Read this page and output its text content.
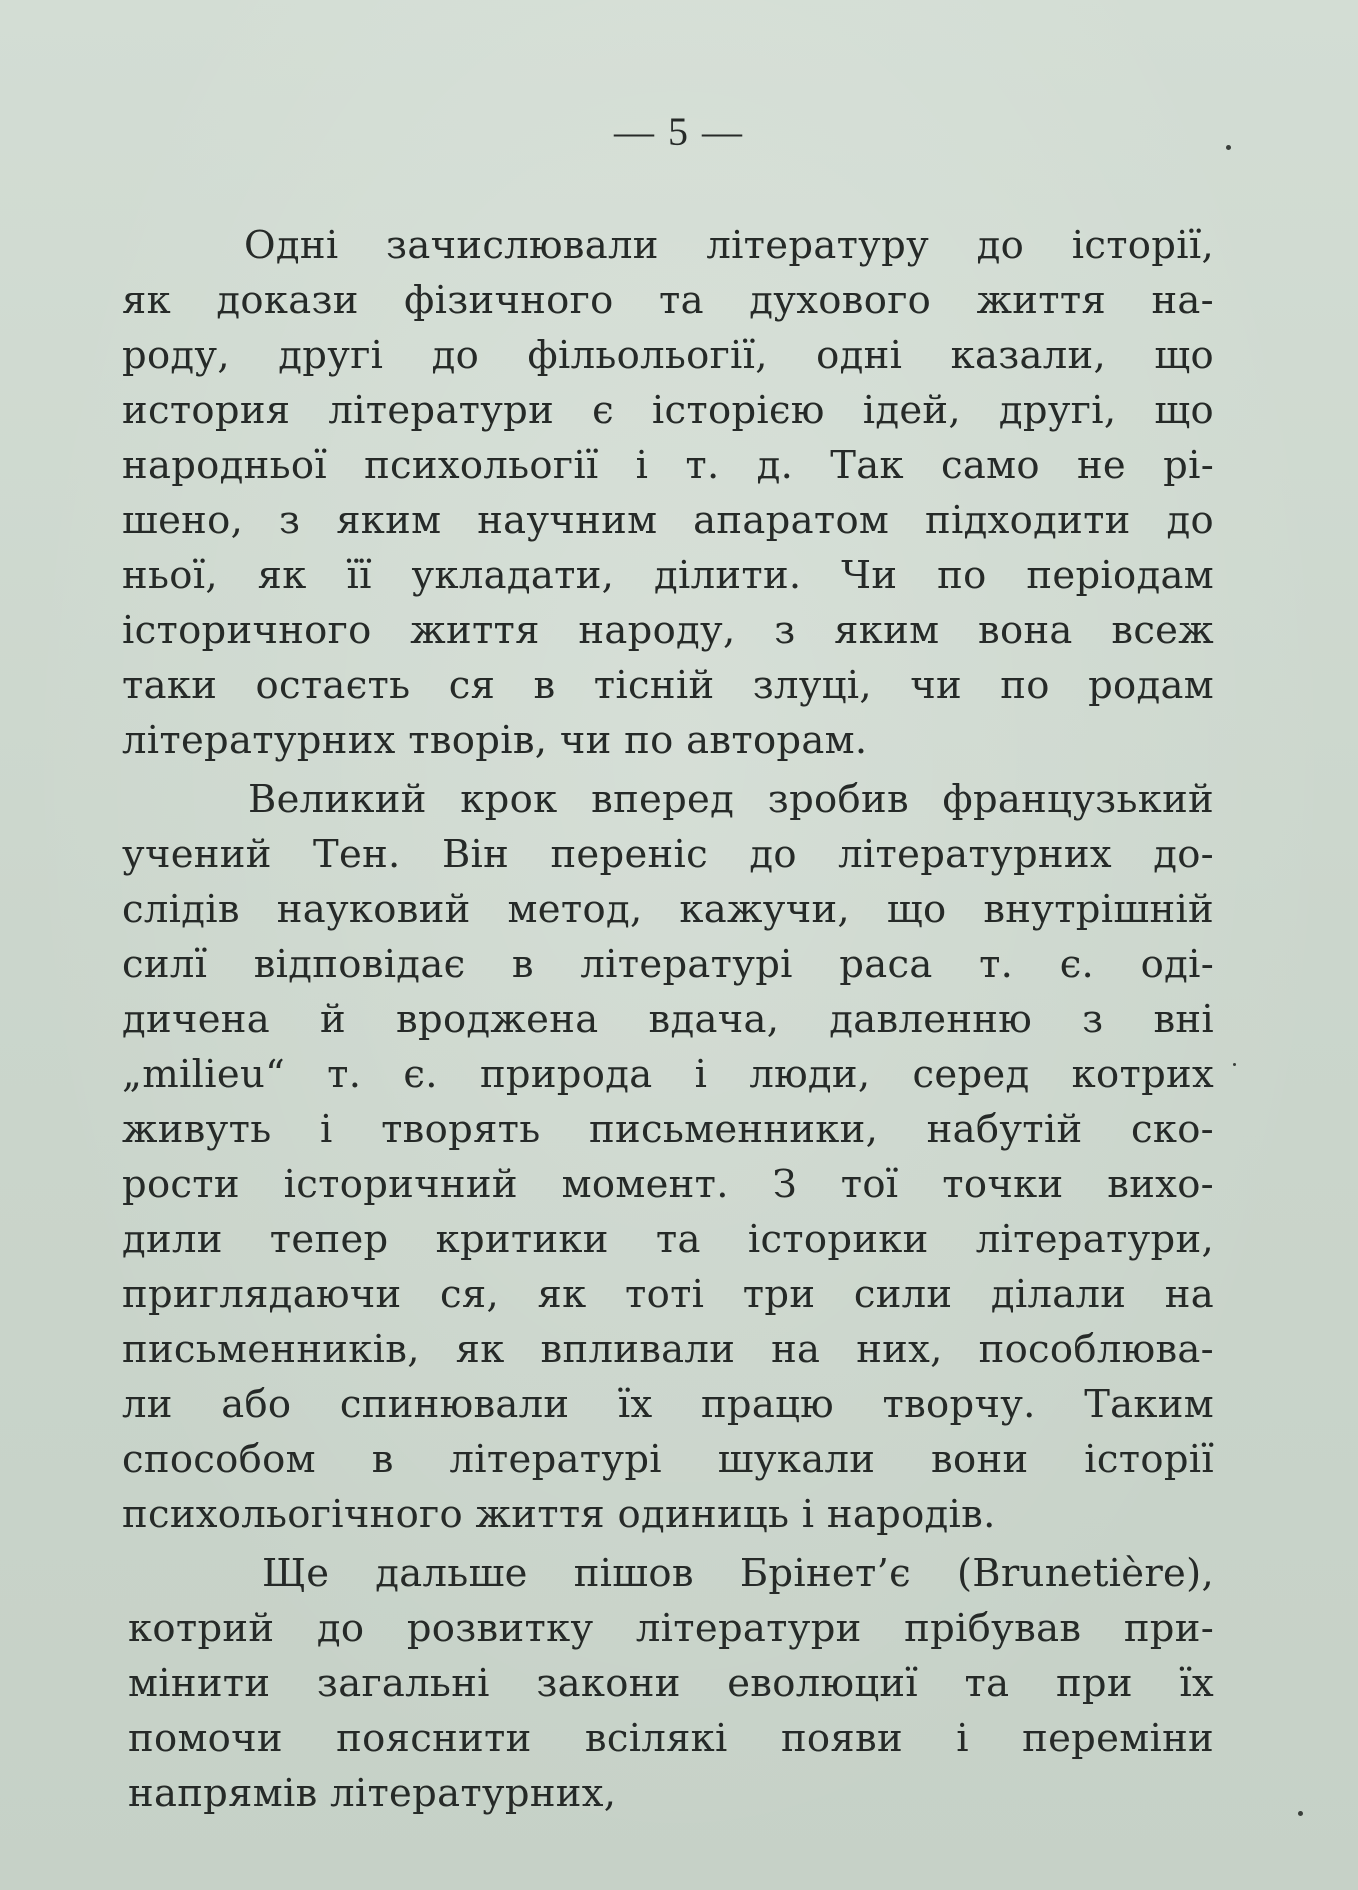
— 5 —

Одні зачислювали літературу до історії,
як докази фізичного та духового життя на-
роду, другі до фільольогії, одні казали, що
история літератури є історією ідей, другі, що
народньої психольогії і т. д. Так само не рі-
шено, з яким научним апаратом підходити до
ньої, як її укладати, ділити. Чи по періодам
історичного життя народу, з яким вона всеж
таки остаєть ся в тісній злуці, чи по родам
літературних творів, чи по авторам.

Великий крок вперед зробив французький
учений Тен. Він переніс до літературних до-
слідів науковий метод, кажучи, що внутрішній
силї відповідає в літературі раса т. є. оді-
дичена й вроджена вдача, давленню з вні
„milieu“ т. є. природа і люди, серед котрих
живуть і творять письменники, набутій ско-
рости історичний момент. З тої точки вихо-
дили тепер критики та історики літератури,
приглядаючи ся, як тоті три сили ділали на
письменників, як впливали на них, пособлюва-
ли або спинювали їх працю творчу. Таким
способом в літературі шукали вони історії
психольогічного життя одиниць і народів.

Ще дальше пішов Брінет’є (Brunetière),
котрий до розвитку літератури прібував при-
мінити загальні закони еволюциї та при їх
помочи пояснити всілякі появи і переміни
напрямів літературних,
